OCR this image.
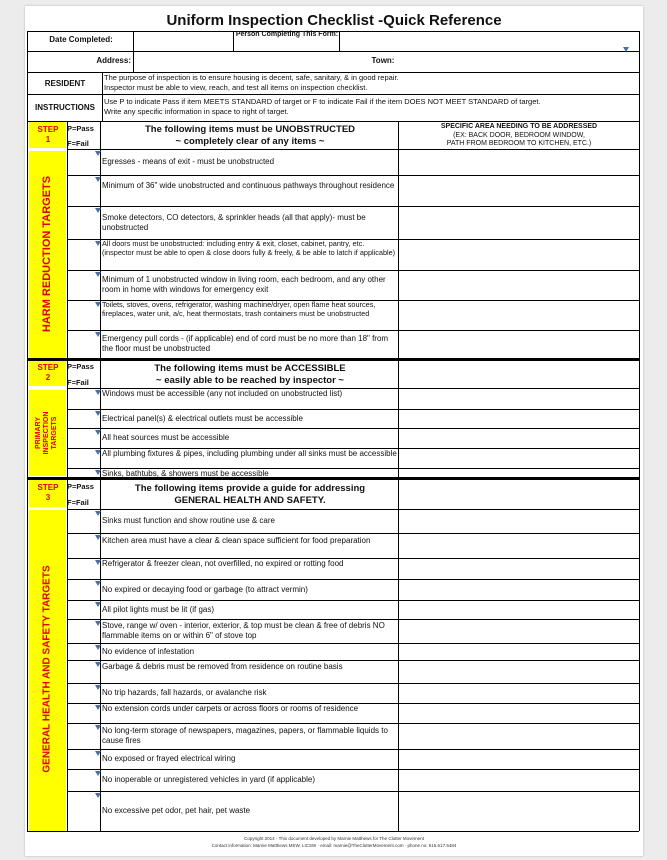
Uniform Inspection Checklist -Quick Reference
Date Completed:
Person Completing This Form:
Address:	Town:
RESIDENT
The purpose of inspection is to ensure housing is decent, safe, sanitary, & in good repair.
Inspector must be able to view, reach, and test all items on inspection checklist.
INSTRUCTIONS
Use P to indicate Pass if item MEETS STANDARD of target or F to indicate Fail if the item DOES NOT MEET STANDARD of target.
Write any specific information in space to right of target.
STEP
1
P=Pass
F=Fail
The following items must be UNOBSTRUCTED
~ completely clear of any items ~
SPECIFIC AREA NEEDING TO BE ADDRESSED
(EX: BACK DOOR, BEDROOM WINDOW,
PATH FROM BEDROOM TO KITCHEN, ETC.)
HARM REDUCTION TARGETS
Egresses - means of exit - must be unobstructed
Minimum of 36" wide unobstructed and continuous pathways throughout residence
Smoke detectors, CO detectors, & sprinkler heads (all that apply)- must be unobstructed
All doors must be unobstructed: including entry & exit, closet, cabinet, pantry, etc. (inspector must be able to open & close doors fully & freely, & be able to latch if applicable)
Minimum of 1 unobstructed window in living room, each bedroom, and any other room in home with windows for emergency exit
Toilets, stoves, ovens, refrigerator, washing machine/dryer, open flame heat sources, fireplaces, water unit, a/c, heat thermostats, trash containers must be unobstructed
Emergency pull cords - (if applicable) end of cord must be no more than 18" from the floor must be unobstructed
STEP
2
P=Pass
F=Fail
The following items must be ACCESSIBLE
~ easily able to be reached by inspector ~
PRIMARY INSPECTION TARGETS
Windows must be accessible (any not included on unobstructed list)
Electrical panel(s) & electrical outlets must be accessible
All heat sources must be accessible
All plumbing fixtures & pipes, including plumbing under all sinks must be accessible
Sinks, bathtubs, & showers must be accessible
STEP
3
P=Pass
F=Fail
The following items provide a guide for addressing
GENERAL HEALTH AND SAFETY.
GENERAL HEALTH AND SAFETY TARGETS
Sinks must function and show routine use & care
Kitchen area must have a clear & clean space sufficient for food preparation
Refrigerator & freezer clean, not overfilled, no expired or rotting food
No expired or decaying food or garbage (to attract vermin)
All pilot lights must be lit (if gas)
Stove, range w/ oven - interior, exterior, & top must be clean & free of debris NO flammable items on or within 6" of stove top
No evidence of infestation
Garbage & debris must be removed from residence on routine basis
No trip hazards, fall hazards, or avalanche risk
No extension cords under carpets or across floors or rooms of residence
No long-term storage of newspapers, magazines, papers, or flammable liquids to cause fires
No exposed or frayed electrical wiring
No inoperable or unregistered vehicles in yard (if applicable)
No excessive pet odor, pet hair, pet waste
Copyright 2014 · This document developed by Marnie Matthews for The Clutter Movement
Contact information: Marnie Matthews MSW, LICSW · email: marnie@TheClutterMovement.com · phone no: 615.617.5484
